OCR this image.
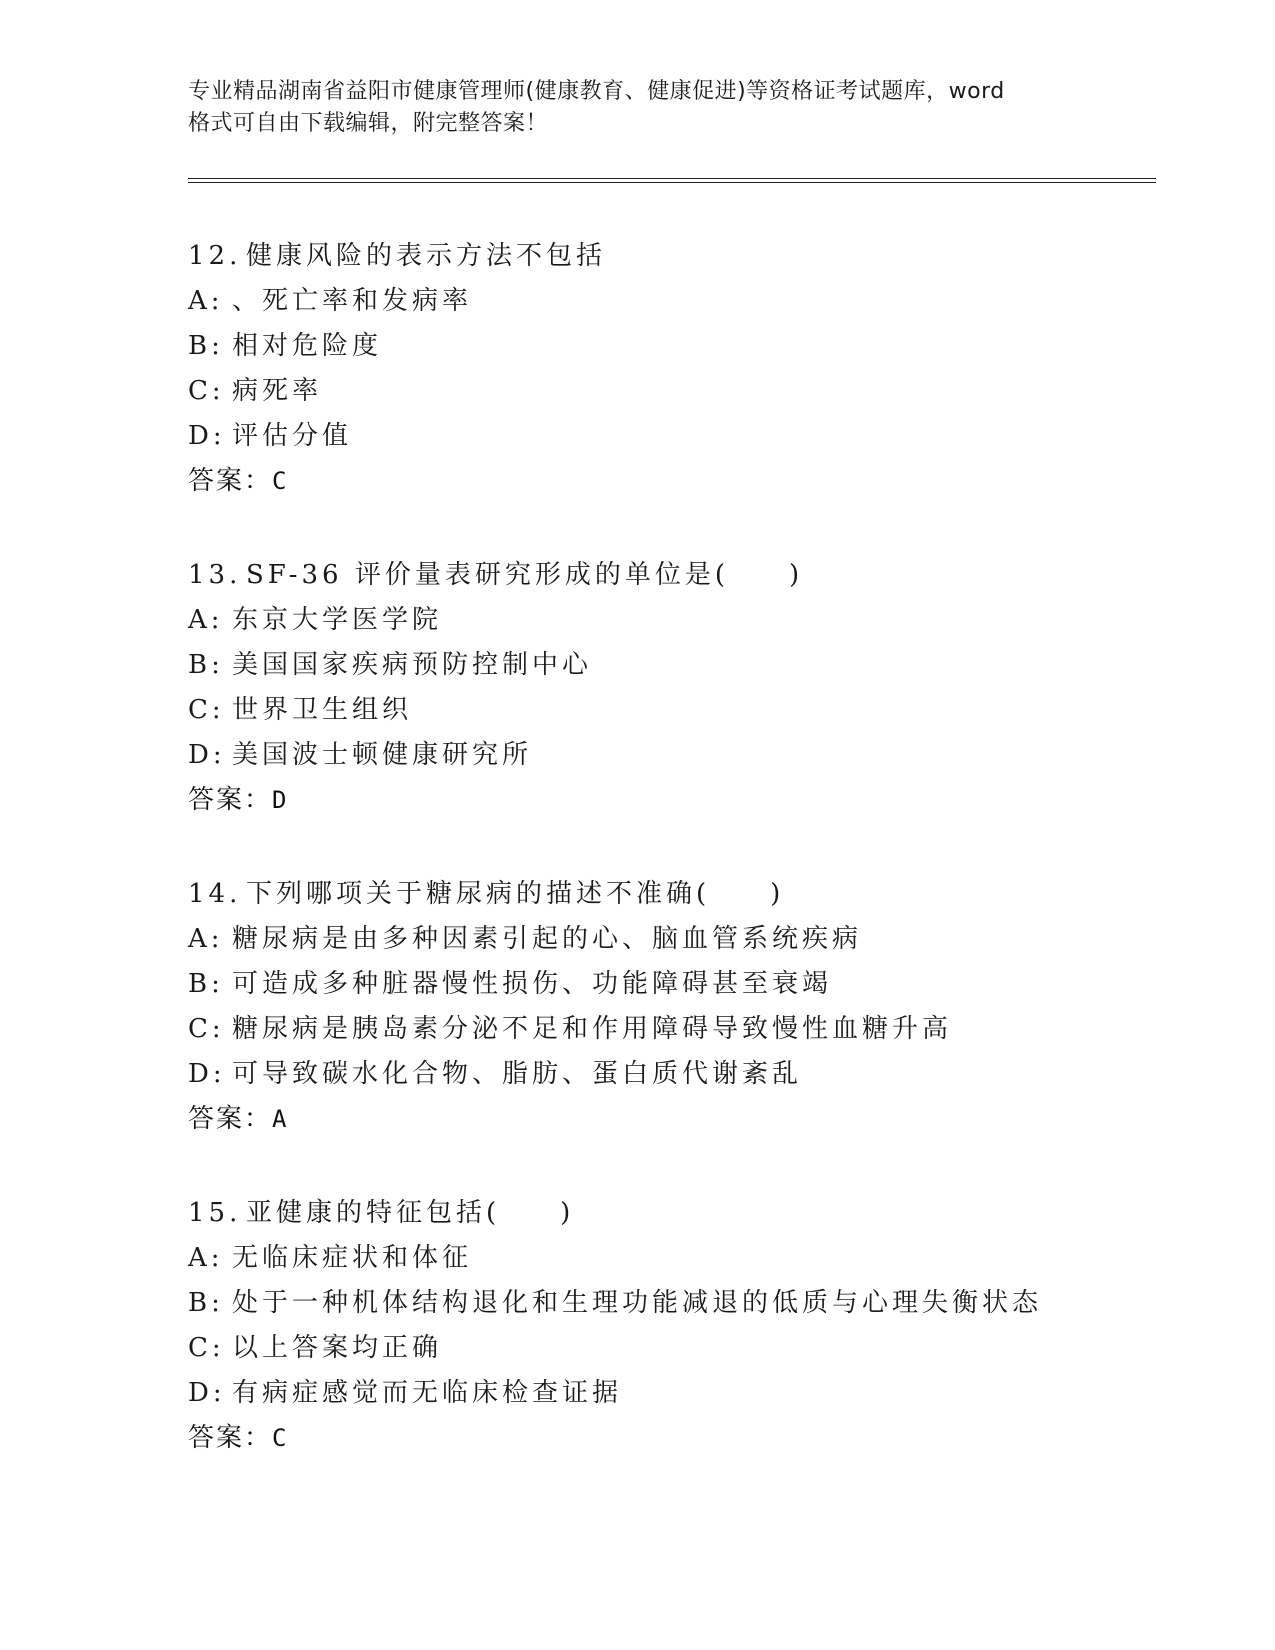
专业精品湖南省益阳市健康管理师(健康教育、健康促进)等资格证考试题库，word
格式可自由下载编辑，附完整答案！
12. 健康风险的表示方法不包括
A: 、死亡率和发病率
B: 相对危险度
C: 病死率
D: 评估分值
答案：C
13. SF-36 评价量表研究形成的单位是(　　)
A: 东京大学医学院
B: 美国国家疾病预防控制中心
C: 世界卫生组织
D: 美国波士顿健康研究所
答案：D
14. 下列哪项关于糖尿病的描述不准确(　　)
A: 糖尿病是由多种因素引起的心、脑血管系统疾病
B: 可造成多种脏器慢性损伤、功能障碍甚至衰竭
C: 糖尿病是胰岛素分泌不足和作用障碍导致慢性血糖升高
D: 可导致碳水化合物、脂肪、蛋白质代谢紊乱
答案：A
15. 亚健康的特征包括(　　)
A: 无临床症状和体征
B: 处于一种机体结构退化和生理功能减退的低质与心理失衡状态
C:以上答案均正确
D: 有病症感觉而无临床检查证据
答案：C
